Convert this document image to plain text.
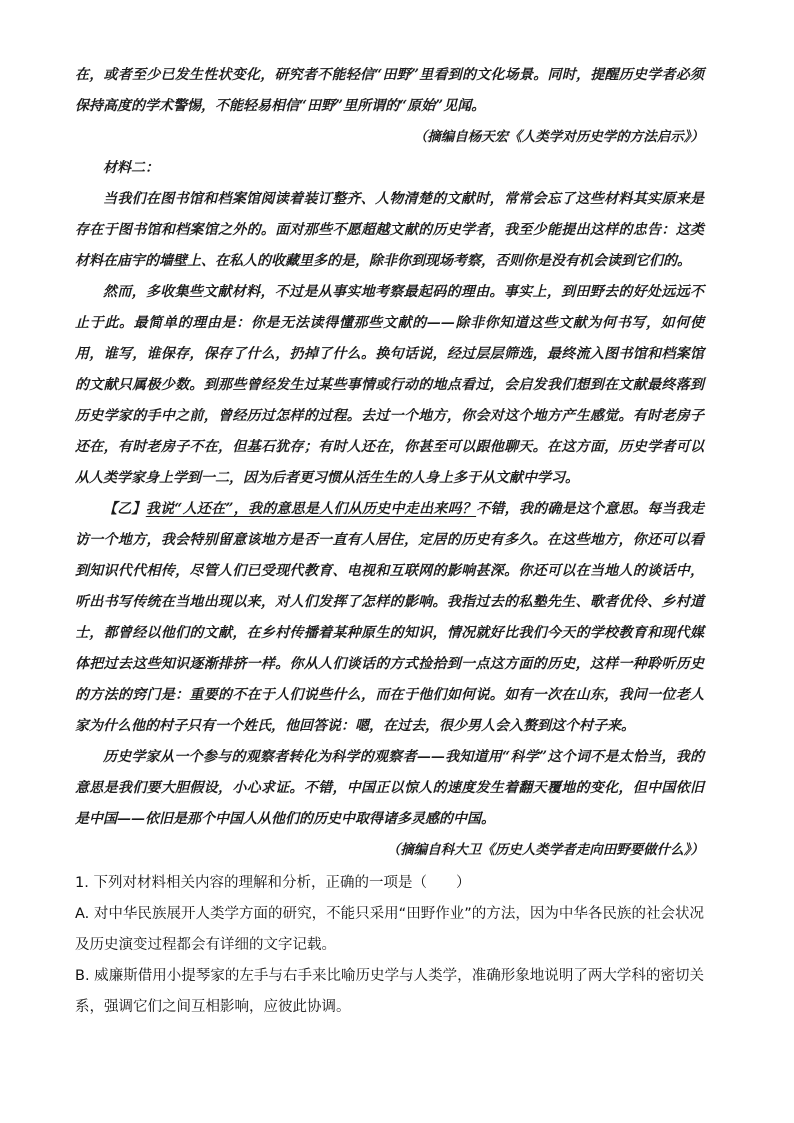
在，或者至少已发生性状变化，研究者不能轻信“田野”里看到的文化场景。同时，提醒历史学者必须保持高度的学术警惕，不能轻易相信“田野”里所谓的“原始”见闻。

（摘编自杨天宏《人类学对历史学的方法启示》）

材料二：

当我们在图书馆和档案馆阅读着装订整齐、人物清楚的文献时，常常会忘了这些材料其实原来是存在于图书馆和档案馆之外的。面对那些不愿超越文献的历史学者，我至少能提出这样的忠告：这类材料在庙宇的墙壁上、在私人的收藏里多的是，除非你到现场考察，否则你是没有机会读到它们的。

然而，多收集些文献材料，不过是从事实地考察最起码的理由。事实上，到田野去的好处远远不止于此。最简单的理由是：你是无法读得懂那些文献的——除非你知道这些文献为何书写，如何使用，谁写，谁保存，保存了什么，扔掉了什么。换句话说，经过层层筛选，最终流入图书馆和档案馆的文献只属极少数。到那些曾经发生过某些事情或行动的地点看过，会启发我们想到在文献最终落到历史学家的手中之前，曾经历过怎样的过程。去过一个地方，你会对这个地方产生感觉。有时老房子还在，有时老房子不在，但基石犹存；有时人还在，你甚至可以跟他聊天。在这方面，历史学者可以从人类学家身上学到一二，因为后者更习惯从活生生的人身上多于从文献中学习。

【乙】我说“人还在”，我的意思是人们从历史中走出来吗？不错，我的确是这个意思。每当我走访一个地方，我会特别留意该地方是否一直有人居住，定居的历史有多久。在这些地方，你还可以看到知识代代相传，尽管人们已受现代教育、电视和互联网的影响甚深。你还可以在当地人的谈话中，听出书写传统在当地出现以来，对人们发挥了怎样的影响。我指过去的私塾先生、歌者优伶、乡村道士，都曾经以他们的文献，在乡村传播着某种原生的知识，情况就好比我们今天的学校教育和现代媒体把过去这些知识逐渐排挤一样。你从人们谈话的方式捡拾到一点这方面的历史，这样一种聆听历史的方法的窍门是：重要的不在于人们说些什么，而在于他们如何说。如有一次在山东，我问一位老人家为什么他的村子只有一个姓氏，他回答说：嗯，在过去，很少男人会入赘到这个村子来。

历史学家从一个参与的观察者转化为科学的观察者——我知道用“科学”这个词不是太恰当，我的意思是我们要大胆假设，小心求证。不错，中国正以惊人的速度发生着翻天覆地的变化，但中国依旧是中国——依旧是那个中国人从他们的历史中取得诸多灵感的中国。

（摘编自科大卫《历史人类学者走向田野要做什么》）

1. 下列对材料相关内容的理解和分析，正确的一项是（　　）

A. 对中华民族展开人类学方面的研究，不能只采用“田野作业”的方法，因为中华各民族的社会状况及历史演变过程都会有详细的文字记载。

B. 威廉斯借用小提琴家的左手与右手来比喻历史学与人类学，准确形象地说明了两大学科的密切关系，强调它们之间互相影响，应彼此协调。
